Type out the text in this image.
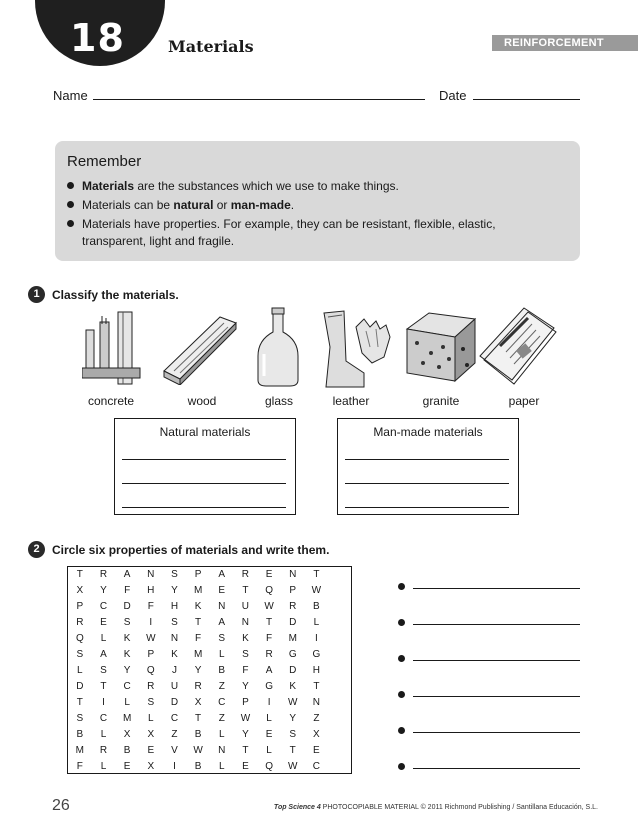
18	Materials	REINFORCEMENT
Name	Date
Remember
Materials are the substances which we use to make things.
Materials can be natural or man-made.
Materials have properties. For example, they can be resistant, flexible, elastic, transparent, light and fragile.
1	Classify the materials.
concrete	wood	glass	leather	granite	paper
Natural materials	Man-made materials
2	Circle six properties of materials and write them.
T	R	A	N	S	P	A	R	E	N	T
X	Y	F	H	Y	M	E	T	Q	P	W
P	C	D	F	H	K	N	U	W	R	B
R	E	S	I	S	T	A	N	T	D	L
Q	L	K	W	N	F	S	K	F	M	I
S	A	K	P	K	M	L	S	R	G	G
L	S	Y	Q	J	Y	B	F	A	D	H
D	T	C	R	U	R	Z	Y	G	K	T
T	I	L	S	D	X	C	P	I	W	N
S	C	M	L	C	T	Z	W	L	Y	Z
B	L	X	X	Z	B	L	Y	E	S	X
M	R	B	E	V	W	N	T	L	T	E
F	L	E	X	I	B	L	E	Q	W	C
26	Top Science 4 PHOTOCOPIABLE MATERIAL © 2011 Richmond Publishing / Santillana Educación, S.L.
